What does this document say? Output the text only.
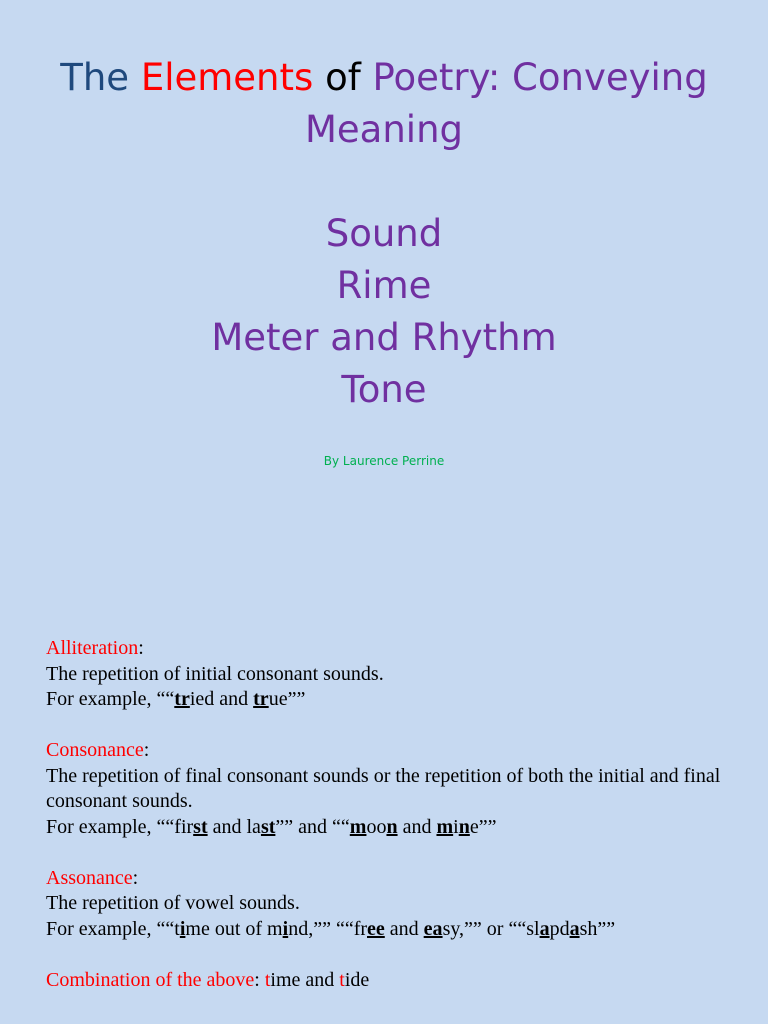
The Elements of Poetry: Conveying
Meaning
Sound
Rime
Meter and Rhythm
Tone
By Laurence Perrine

Alliteration:
The repetition of initial consonant sounds.
For example, ““tried and true””

Consonance:
The repetition of final consonant sounds or the repetition of both the initial and final consonant sounds.
For example, ““first and last”” and ““moon and mine””

Assonance:
The repetition of vowel sounds.
For example, ““time out of mind,”” ““free and easy,”” or ““slapdash””

Combination of the above: time and tide
